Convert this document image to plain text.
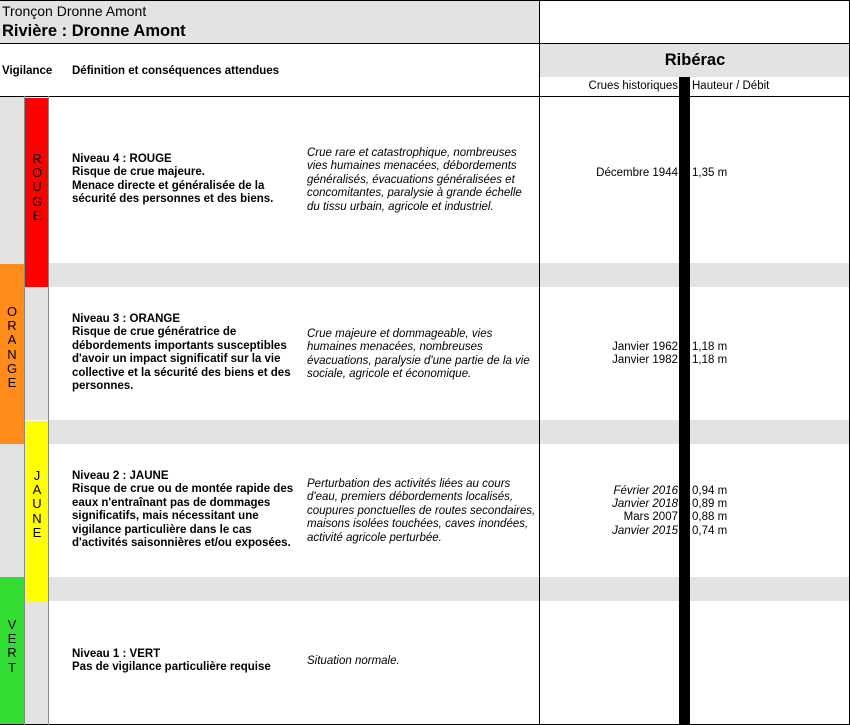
Tronçon Dronne Amont
Rivière : Dronne Amont
Ribérac
Vigilance Définition et conséquences attendues
Crues historiques Hauteur / Débit
R
O
U
G
E
O
R
A
N
G
E
J
A
U
N
E
V
E
R
T
Niveau 4 : ROUGE
Risque de crue majeure.
Menace directe et généralisée de la
sécurité des personnes et des biens.
Crue rare et catastrophique, nombreuses
vies humaines menacées, débordements
généralisés, évacuations généralisées et
concomitantes, paralysie à grande échelle
du tissu urbain, agricole et industriel.
Décembre 1944 1,35 m
Niveau 3 : ORANGE
Risque de crue génératrice de
débordements importants susceptibles
d'avoir un impact significatif sur la vie
collective et la sécurité des biens et des
personnes.
Crue majeure et dommageable, vies
humaines menacées, nombreuses
évacuations, paralysie d'une partie de la vie
sociale, agricole et économique.
Janvier 1962
Janvier 1982
1,18 m
1,18 m
Niveau 2 : JAUNE
Risque de crue ou de montée rapide des
eaux n'entraînant pas de dommages
significatifs, mais nécessitant une
vigilance particulière dans le cas
d'activités saisonnières et/ou exposées.
Perturbation des activités liées au cours
d'eau, premiers débordements localisés,
coupures ponctuelles de routes secondaires,
maisons isolées touchées, caves inondées,
activité agricole perturbée.
Février 2016
Janvier 2018
Mars 2007
Janvier 2015
0,94 m
0,89 m
0,88 m
0,74 m
Niveau 1 : VERT
Pas de vigilance particulière requise
Situation normale.
